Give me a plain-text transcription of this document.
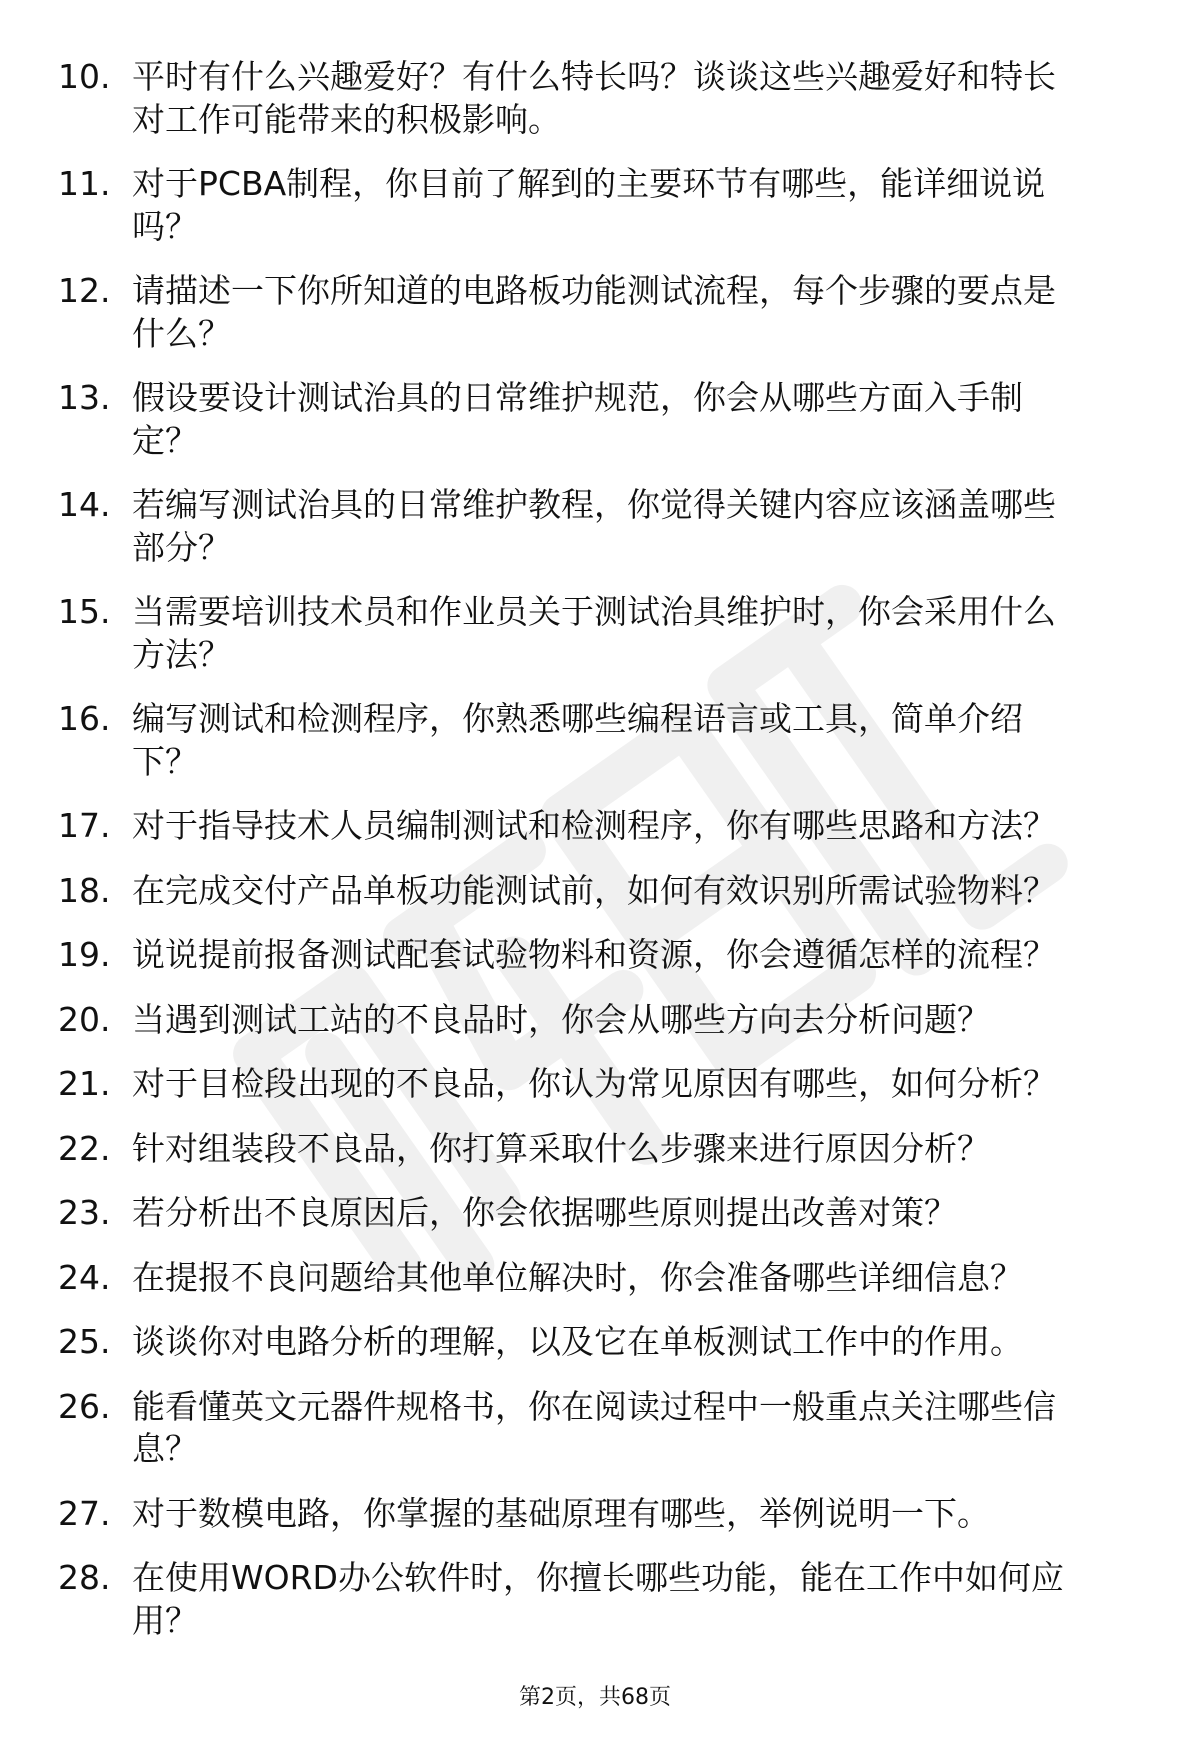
10. 平时有什么兴趣爱好？有什么特长吗？谈谈这些兴趣爱好和特长
对工作可能带来的积极影响。
11. 对于PCBA制程，你目前了解到的主要环节有哪些，能详细说说
吗？
12. 请描述一下你所知道的电路板功能测试流程，每个步骤的要点是
什么？
13. 假设要设计测试治具的日常维护规范，你会从哪些方面入手制
定？
14. 若编写测试治具的日常维护教程，你觉得关键内容应该涵盖哪些
部分？
15. 当需要培训技术员和作业员关于测试治具维护时，你会采用什么
方法？
16. 编写测试和检测程序，你熟悉哪些编程语言或工具，简单介绍
下？
17. 对于指导技术人员编制测试和检测程序，你有哪些思路和方法？
18. 在完成交付产品单板功能测试前，如何有效识别所需试验物料？
19. 说说提前报备测试配套试验物料和资源，你会遵循怎样的流程？
20. 当遇到测试工站的不良品时，你会从哪些方向去分析问题？
21. 对于目检段出现的不良品，你认为常见原因有哪些，如何分析？
22. 针对组装段不良品，你打算采取什么步骤来进行原因分析？
23. 若分析出不良原因后，你会依据哪些原则提出改善对策？
24. 在提报不良问题给其他单位解决时，你会准备哪些详细信息？
25. 谈谈你对电路分析的理解，以及它在单板测试工作中的作用。
26. 能看懂英文元器件规格书，你在阅读过程中一般重点关注哪些信
息？
27. 对于数模电路，你掌握的基础原理有哪些，举例说明一下。
28. 在使用WORD办公软件时，你擅长哪些功能，能在工作中如何应
用？
第2页，共68页
